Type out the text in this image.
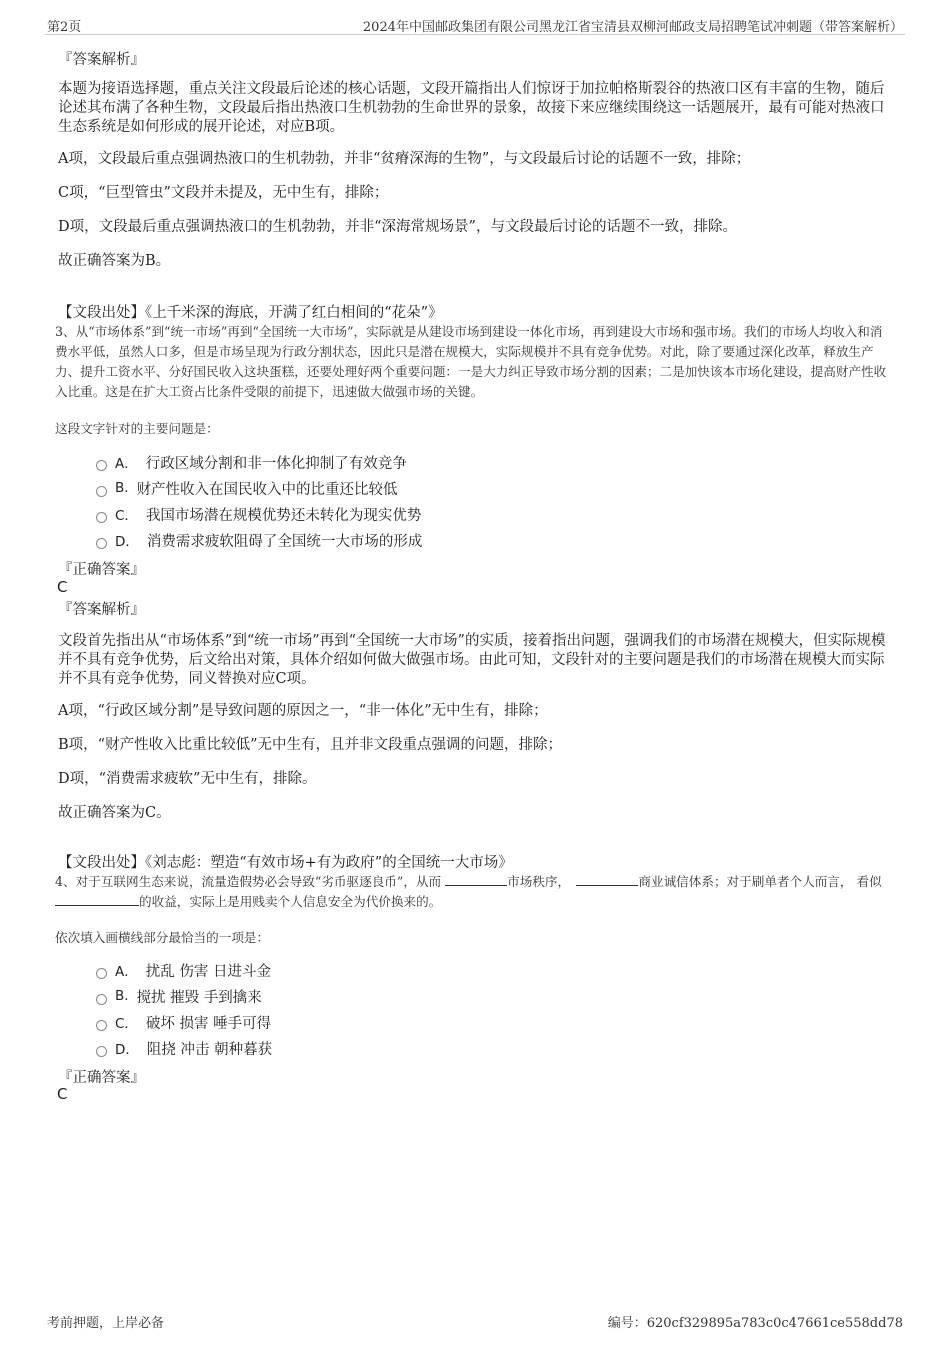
第2页	2024年中国邮政集团有限公司黑龙江省宝清县双柳河邮政支局招聘笔试冲刺题（带答案解析）
『答案解析』

本题为接语选择题，重点关注文段最后论述的核心话题，文段开篇指出人们惊讶于加拉帕格斯裂谷的热液口区有丰富的生物，随后论述其布满了各种生物，文段最后指出热液口生机勃勃的生命世界的景象，故接下来应继续围绕这一话题展开，最有可能对热液口生态系统是如何形成的展开论述，对应B项。

A项，文段最后重点强调热液口的生机勃勃，并非“贫瘠深海的生物”，与文段最后讨论的话题不一致，排除；

C项，“巨型管虫”文段并未提及，无中生有，排除；

D项，文段最后重点强调热液口的生机勃勃，并非“深海常规场景”，与文段最后讨论的话题不一致，排除。

故正确答案为B。

【文段出处】《上千米深的海底，开满了红白相间的“花朵”》

3、从“市场体系”到“统一市场”再到“全国统一大市场”，实际就是从建设市场到建设一体化市场，再到建设大市场和强市场。我们的市场人均收入和消费水平低，虽然人口多，但是市场呈现为行政分割状态，因此只是潜在规模大，实际规模并不具有竞争优势。对此，除了要通过深化改革，释放生产力、提升工资水平、分好国民收入这块蛋糕，还要处理好两个重要问题：一是大力纠正导致市场分割的因素；二是加快该本市场化建设，提高财产性收入比重。这是在扩大工资占比条件受限的前提下，迅速做大做强市场的关键。

这段文字针对的主要问题是：
A． 行政区域分割和非一体化抑制了有效竞争
B. 财产性收入在国民收入中的比重还比较低
C． 我国市场潜在规模优势还未转化为现实优势
D． 消费需求疲软阻碍了全国统一大市场的形成
『正确答案』
C
『答案解析』

文段首先指出从“市场体系”到“统一市场”再到“全国统一大市场”的实质，接着指出问题，强调我们的市场潜在规模大，但实际规模并不具有竞争优势，后文给出对策，具体介绍如何做大做强市场。由此可知，文段针对的主要问题是我们的市场潜在规模大而实际并不具有竞争优势，同义替换对应C项。

A项，“行政区域分割”是导致问题的原因之一，“非一体化”无中生有，排除；

B项，“财产性收入比重比较低”无中生有，且并非文段重点强调的问题，排除；

D项，“消费需求疲软”无中生有，排除。

故正确答案为C。

【文段出处】《刘志彪：塑造“有效市场+有为政府”的全国统一大市场》

4、对于互联网生态来说，流量造假势必会导致“劣币驱逐良币”，从而	市场秩序，　	商业诚信体系；对于刷单者个人而言， 看似 的收益，实际上是用贱卖个人信息安全为代价换来的。

依次填入画横线部分最恰当的一项是：
A． 扰乱 伤害 日进斗金
B. 搅扰 摧毁 手到擒来
C． 破坏 损害 唾手可得
D． 阻挠 冲击 朝种暮获
『正确答案』
C
考前押题，上岸必备	编号：620cf329895a783c0c47661ce558dd78
